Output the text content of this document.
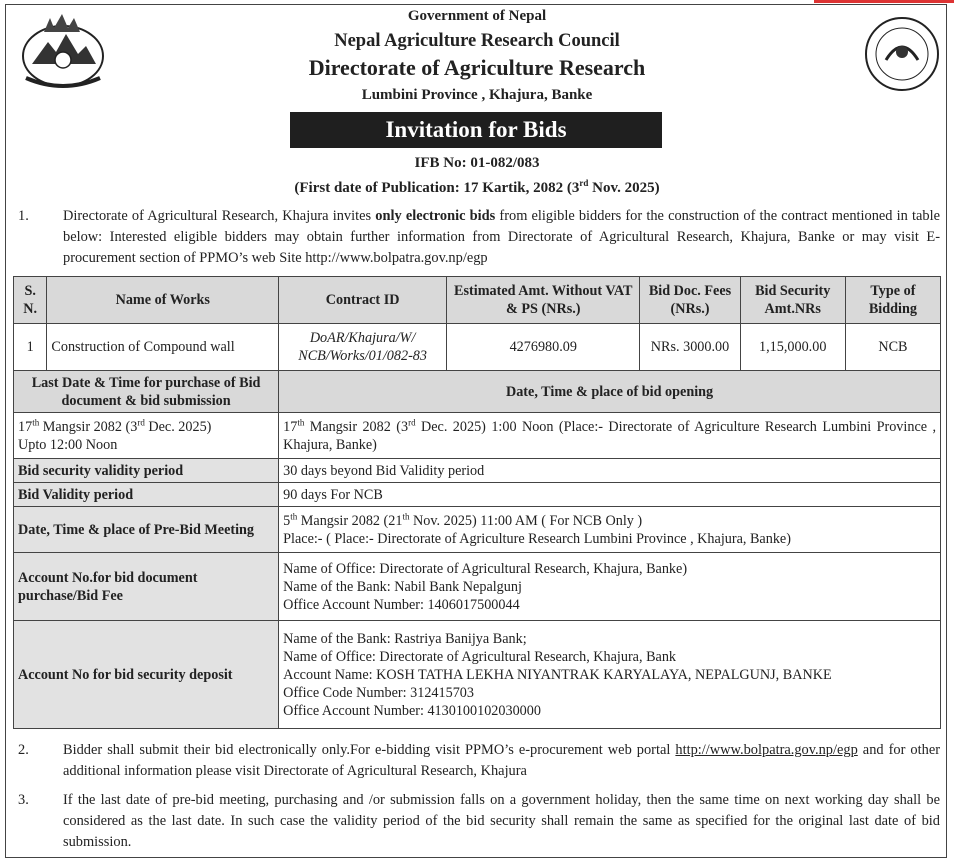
Government of Nepal
Nepal Agriculture Research Council
Directorate of Agriculture Research
Lumbini Province , Khajura, Banke
Invitation for Bids
IFB No: 01-082/083
(First date of Publication: 17 Kartik, 2082 (3rd Nov. 2025)
1. Directorate of Agricultural Research, Khajura invites only electronic bids from eligible bidders for the construction of the contract mentioned in table below: Interested eligible bidders may obtain further information from Directorate of Agricultural Research, Khajura, Banke or may visit E-procurement section of PPMO’s web Site http://www.bolpatra.gov.np/egp
S. N.	Name of Works	Contract ID	Estimated Amt. Without VAT & PS (NRs.)	Bid Doc. Fees (NRs.)	Bid Security Amt.NRs	Type of Bidding
1	Construction of Compound wall	DoAR/Khajura/W/ NCB/Works/01/082-83	4276980.09	NRs. 3000.00	1,15,000.00	NCB
Last Date & Time for purchase of Bid document & bid submission		Date, Time & place of bid opening				
17th Mangsir 2082 (3rd Dec. 2025)
Upto 12:00 Noon		17th Mangsir 2082 (3rd Dec. 2025) 1:00 Noon (Place:- Directorate of Agriculture Research Lumbini Province , Khajura, Banke)				
Bid security validity period		30 days beyond Bid Validity period				
Bid Validity period		90 days For NCB				
Date, Time & place of Pre-Bid Meeting		5th Mangsir 2082 (21th Nov. 2025) 11:00 AM ( For NCB Only )
Place:- ( Place:- Directorate of Agriculture Research Lumbini Province , Khajura, Banke)				
Account No.for bid document purchase/Bid Fee		Name of Office: Directorate of Agricultural Research, Khajura, Banke)
Name of the Bank: Nabil Bank Nepalgunj
Office Account Number: 1406017500044				
Account No for bid security deposit		Name of the Bank: Rastriya Banijya Bank;
Name of Office: Directorate of Agricultural Research, Khajura, Bank
Account Name: KOSH TATHA LEKHA NIYANTRAK KARYALAYA, NEPALGUNJ, BANKE
Office Code Number: 312415703
Office Account Number: 4130100102030000				
2. Bidder shall submit their bid electronically only.For e-bidding visit PPMO’s e-procurement web portal http://www.bolpatra.gov.np/egp and for other additional information please visit Directorate of Agricultural Research, Khajura
3. If the last date of pre-bid meeting, purchasing and /or submission falls on a government holiday, then the same time on next working day shall be considered as the last date. In such case the validity period of the bid security shall remain the same as specified for the original last date of bid submission.
